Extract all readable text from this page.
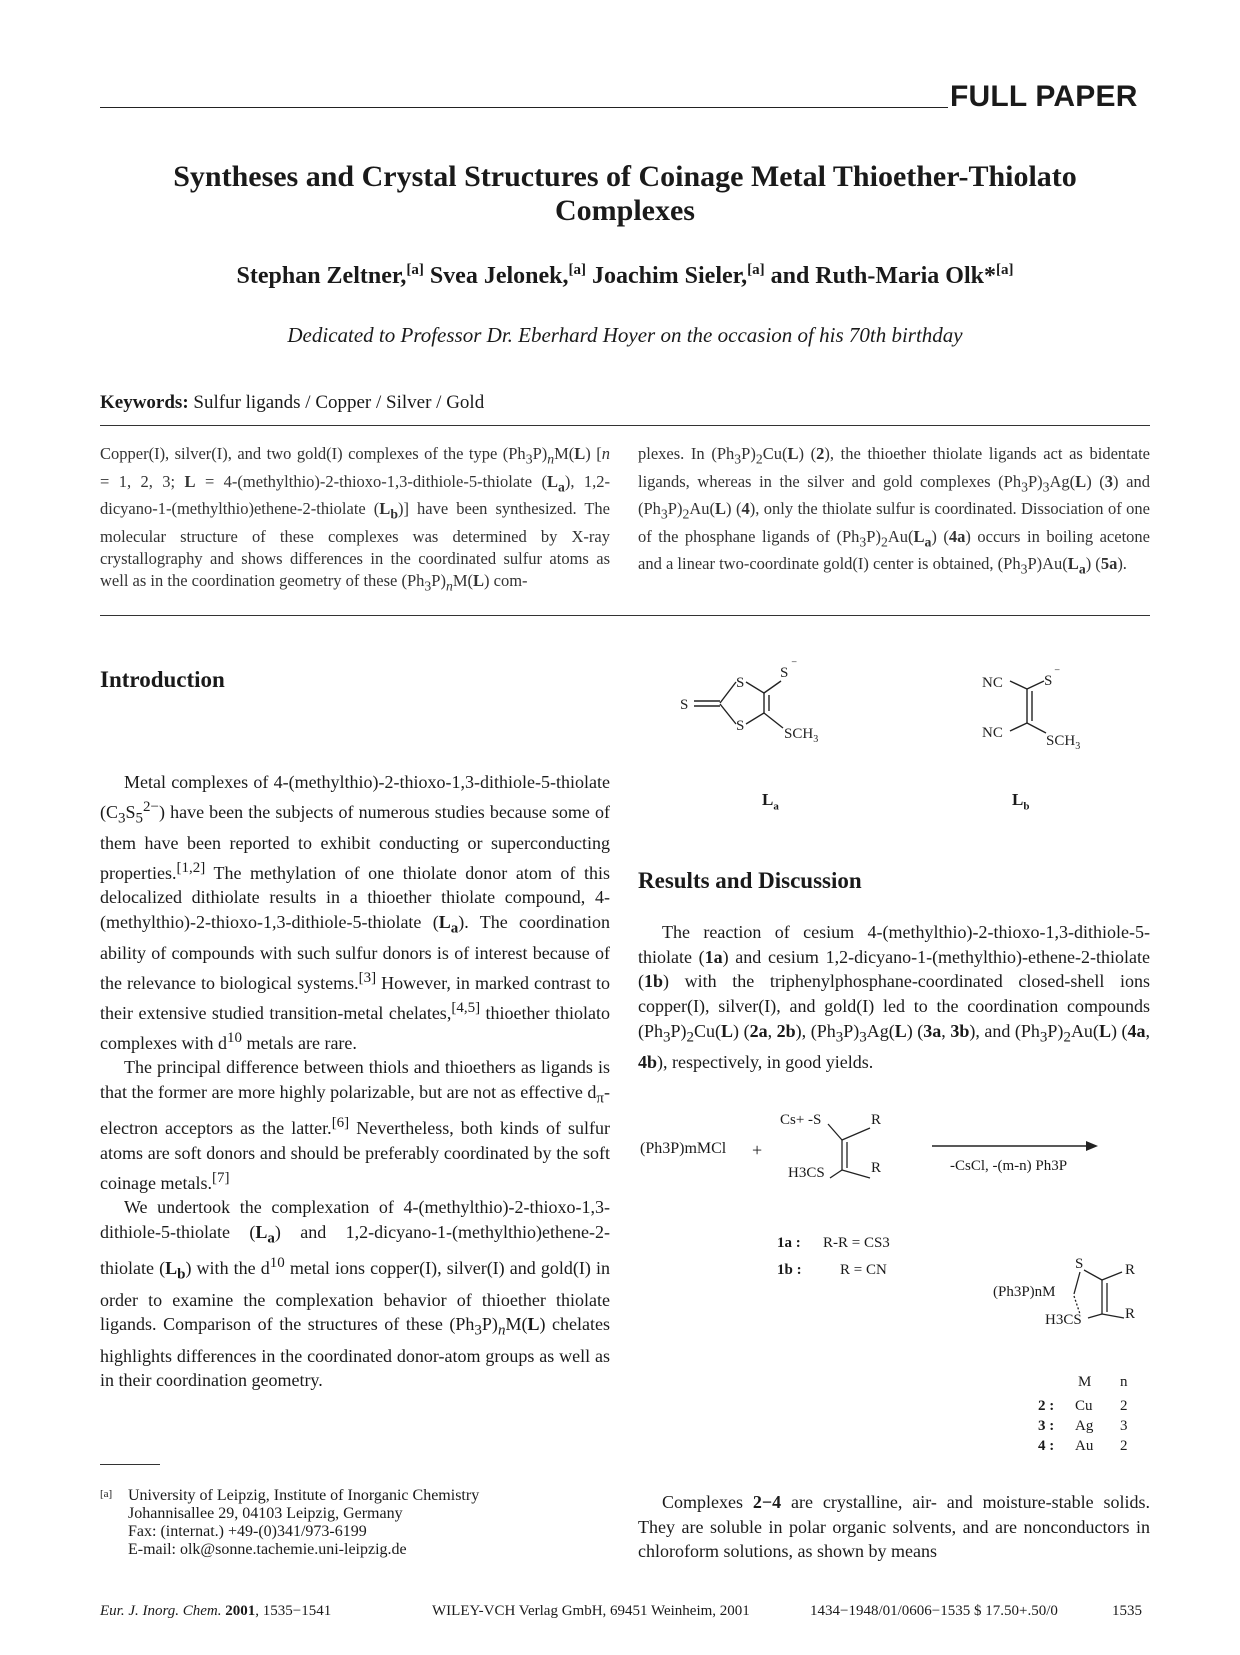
FULL PAPER
Syntheses and Crystal Structures of Coinage Metal Thioether-Thiolato Complexes
Stephan Zeltner,[a] Svea Jelonek,[a] Joachim Sieler,[a] and Ruth-Maria Olk*[a]
Dedicated to Professor Dr. Eberhard Hoyer on the occasion of his 70th birthday
Keywords: Sulfur ligands / Copper / Silver / Gold

Copper(I), silver(I), and two gold(I) complexes of the type $(Ph_3P)_nM(L) [n = 1$, 2, 3; L = 4-(methylthio)-2-thioxo-1,3-dithiole-5-thiolate $(L_a)$, 1,2-dicyano-1-(methylthio)ethene-2-thiolate $(L_b)$] have been synthesized. The molecular structure of these complexes was determined by X-ray crystallography and shows differences in the coordinated sulfur atoms as well as in the coordination geometry of these $(Ph_3P)_nM(L)$ com-

plexes. In $(Ph_3P)_2Cu(L)$ (2), the thioether thiolate ligands act as bidentate ligands, whereas in the silver and gold complexes $(Ph_3P)_3Ag(L)$ (3) and $(Ph_3P)_2Au(L)$ (4), only the thiolate sulfur is coordinated. Dissociation of one of the phosphane ligands of $(Ph_3P)_2Au(L_a)$ (4a) occurs in boiling acetone and a linear two-coordinate gold(I) center is obtained, $(Ph_3P)Au(L_a)$ (5a).

Introduction

Metal complexes of 4-(methylthio)-2-thioxo-1,3-dithiole-5-thiolate $(C_3S_5^{2-})$ have been the subjects of numerous studies because some of them have been reported to exhibit conducting or superconducting properties.[1,2] The methylation of one thiolate donor atom of this delocalized dithiolate results in a thioether thiolate compound, 4-(methylthio)-2-thioxo-1,3-dithiole-5-thiolate $(L_a)$. The coordination ability of compounds with such sulfur donors is of interest because of the relevance to biological systems.[3] However, in marked contrast to their extensive studied transition-metal chelates,[4,5] thioether thiolato complexes with $d^{10}$ metals are rare.

The principal difference between thiols and thioethers as ligands is that the former are more highly polarizable, but are not as effective $d_\pi$-electron acceptors as the latter.[6] Nevertheless, both kinds of sulfur atoms are soft donors and should be preferably coordinated by the soft coinage metals.[7]

We undertook the complexation of 4-(methylthio)-2-thioxo-1,3-dithiole-5-thiolate $(L_a)$ and 1,2-dicyano-1-(methylthio)ethene-2-thiolate $(L_b)$ with the $d^{10}$ metal ions copper(I), silver(I) and gold(I) in order to examine the complexation behavior of thioether thiolate ligands. Comparison of the structures of these $(Ph_3P)_nM(L)$ chelates highlights differences in the coordinated donor-atom groups as well as in their coordination geometry.

S
S
S
S
⁻
$SCH_3$
$L_a$
NC
NC
S
⁻
$SCH_3$
$L_b$
Results and Discussion

The reaction of cesium 4-(methylthio)-2-thioxo-1,3-dithiole-5-thiolate (1a) and cesium 1,2-dicyano-1-(methylthio)-ethene-2-thiolate (1b) with the triphenylphosphane-coordinated closed-shell ions copper(I), silver(I), and gold(I) led to the coordination compounds $(Ph_3P)_2Cu(L)$ (2a, 2b), $(Ph_3P)_3Ag(L)$ (3a, 3b), and $(Ph_3P)_2Au(L)$ (4a, 4b), respectively, in good yields.

(Ph3P)mMCl +
Cs+ -S
H3CS
R
R	-CsCl, -(m-n) Ph3P
1a : R-R = CS3
1b :	R = CN
(Ph3P)nM
S
H3CS
R
R
M n
2 : Cu 2
3 : Ag 3
4 : Au 2

Complexes 2−4 are crystalline, air- and moisture-stable solids. They are soluble in polar organic solvents, and are nonconductors in chloroform solutions, as shown by means

[a] University of Leipzig, Institute of Inorganic Chemistry
Johannisallee 29, 04103 Leipzig, Germany
Fax: (internat.) +49-(0)341/973-6199
E-mail: olk@sonne.tachemie.uni-leipzig.de
Eur. J. Inorg. Chem. 2001, 1535−1541	WILEY-VCH Verlag GmbH, 69451 Weinheim, 2001	1434−1948/01/0606−1535 $ 17.50+.50/0	1535
